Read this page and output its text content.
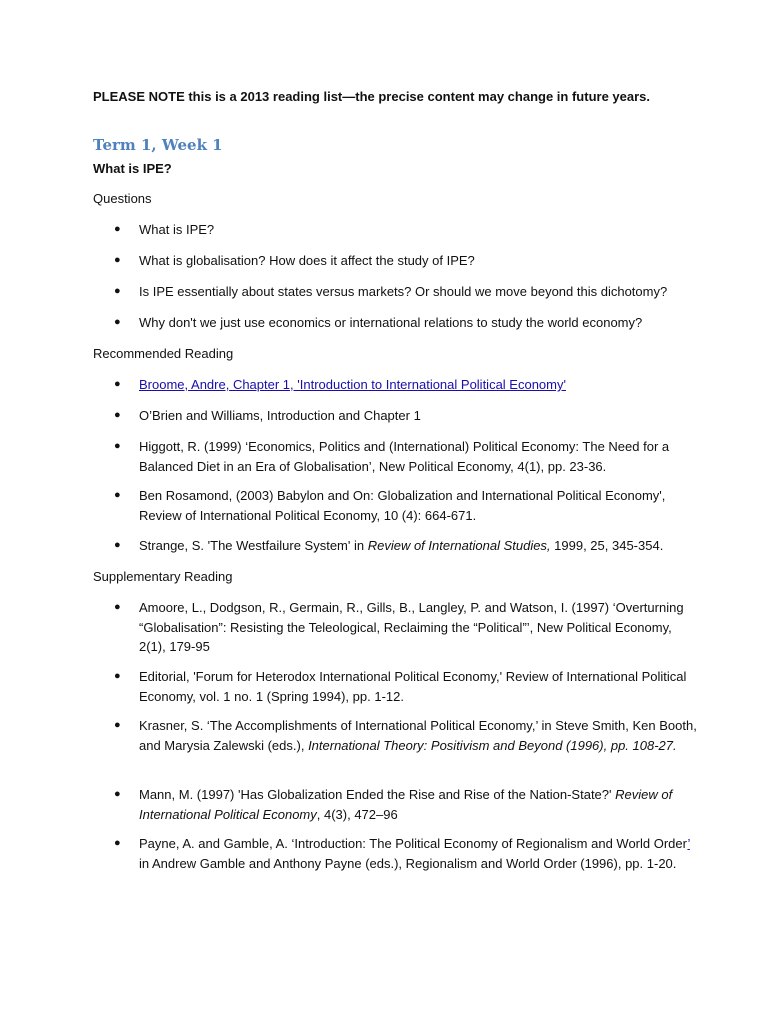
PLEASE NOTE this is a 2013 reading list—the precise content may change in future years.
Term 1, Week 1
What is IPE?
Questions
● What is IPE?
● What is globalisation? How does it affect the study of IPE?
● Is IPE essentially about states versus markets? Or should we move beyond this dichotomy?
● Why don't we just use economics or international relations to study the world economy?
Recommended Reading
● Broome, Andre, Chapter 1, 'Introduction to International Political Economy'
● O’Brien and Williams, Introduction and Chapter 1
● Higgott, R. (1999) ‘Economics, Politics and (International) Political Economy: The Need for a Balanced Diet in an Era of Globalisation’, New Political Economy, 4(1), pp. 23-36.
● Ben Rosamond, (2003) Babylon and On: Globalization and International Political Economy', Review of International Political Economy, 10 (4): 664-671.
● Strange, S. 'The Westfailure System' in Review of International Studies, 1999, 25, 345-354.
Supplementary Reading
● Amoore, L., Dodgson, R., Germain, R., Gills, B., Langley, P. and Watson, I. (1997) ‘Overturning “Globalisation”: Resisting the Teleological, Reclaiming the “Political”’, New Political Economy, 2(1), 179-95
● Editorial, 'Forum for Heterodox International Political Economy,' Review of International Political Economy, vol. 1 no. 1 (Spring 1994), pp. 1-12.
● Krasner, S. ‘The Accomplishments of International Political Economy,’ in Steve Smith, Ken Booth, and Marysia Zalewski (eds.), International Theory: Positivism and Beyond (1996), pp. 108-27.
● Mann, M. (1997) 'Has Globalization Ended the Rise and Rise of the Nation-State?' Review of International Political Economy, 4(3), 472–96
● Payne, A. and Gamble, A. ‘Introduction: The Political Economy of Regionalism and World Order’ in Andrew Gamble and Anthony Payne (eds.), Regionalism and World Order (1996), pp. 1-20.
